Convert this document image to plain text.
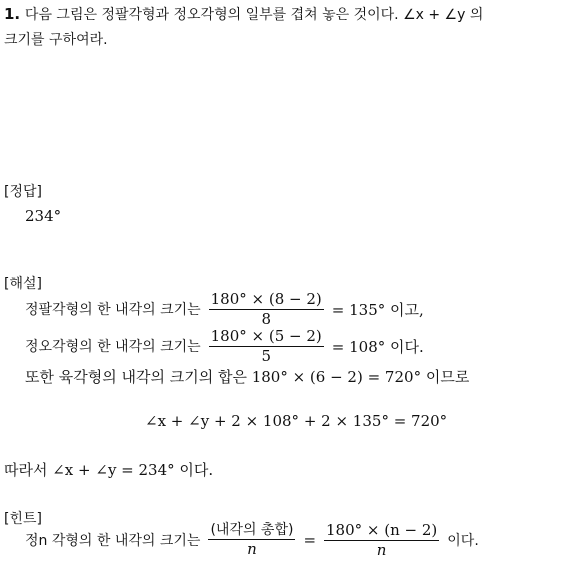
1. 다음 그림은 정팔각형과 정오각형의 일부를 겹쳐 놓은 것이다. ∠x + ∠y 의
크기를 구하여라.
[정답]
234°
[해설]
정팔각형의 한 내각의 크기는 $\frac{180^\circ \times (8 - 2)}{8} = 135^\circ$ 이고,
정오각형의 한 내각의 크기는 $\frac{180^\circ \times (5 - 2)}{5} = 108^\circ$ 이다.
또한 육각형의 내각의 크기의 합은 180° × (6 − 2) = 720° 이므로
∠x + ∠y + 2 × 108° + 2 × 135° = 720°
따라서 ∠x + ∠y = 234° 이다.
[힌트]
정n 각형의 한 내각의 크기는 $\frac{\text{(내각의 총합)}}{n} = \frac{180^\circ \times (n - 2)}{n}$ 이다.
